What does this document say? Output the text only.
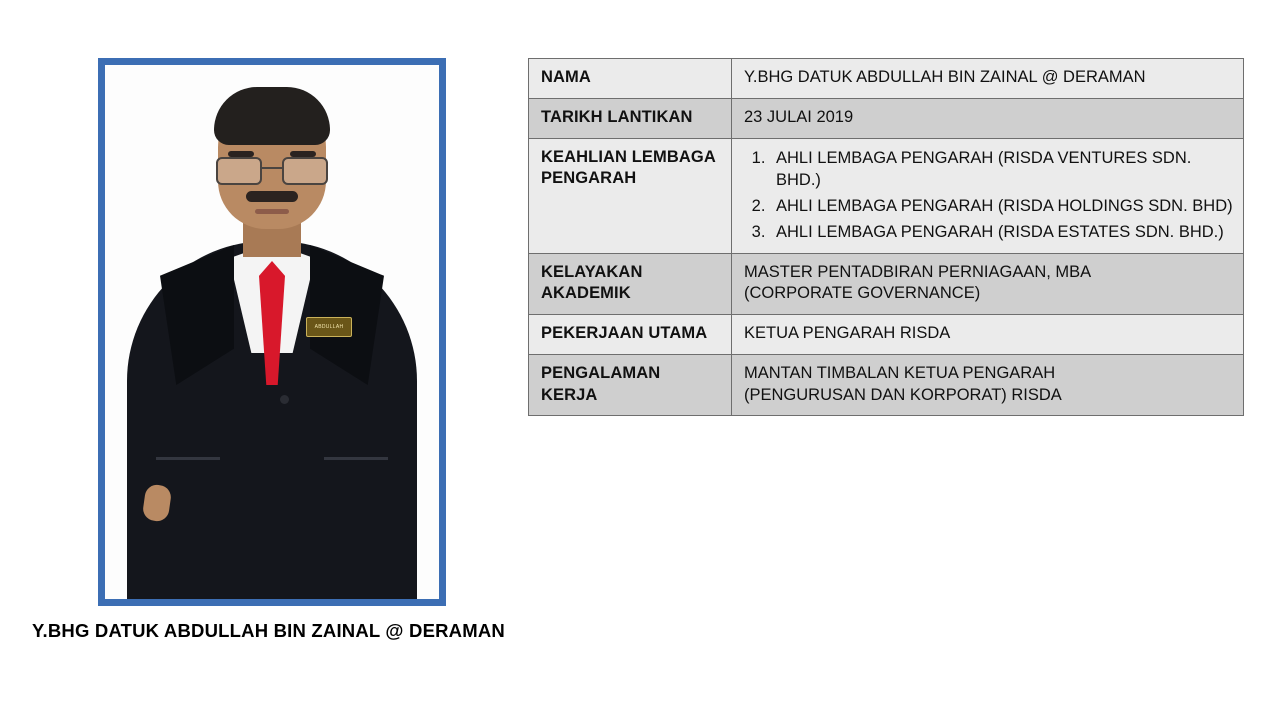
ABDULLAH
Y.BHG DATUK ABDULLAH BIN ZAINAL @ DERAMAN
NAMA	Y.BHG DATUK ABDULLAH BIN ZAINAL @ DERAMAN
TARIKH LANTIKAN	23 JULAI 2019
KEAHLIAN LEMBAGA PENGARAH	
1. AHLI LEMBAGA PENGARAH (RISDA VENTURES SDN. BHD.)
2. AHLI LEMBAGA PENGARAH (RISDA HOLDINGS SDN. BHD)
3. AHLI LEMBAGA PENGARAH (RISDA ESTATES SDN. BHD.)

KELAYAKAN AKADEMIK	MASTER PENTADBIRAN PERNIAGAAN, MBA
(CORPORATE GOVERNANCE)

PEKERJAAN UTAMA	KETUA PENGARAH RISDA
PENGALAMAN KERJA	MANTAN TIMBALAN KETUA PENGARAH
(PENGURUSAN DAN KORPORAT) RISDA
